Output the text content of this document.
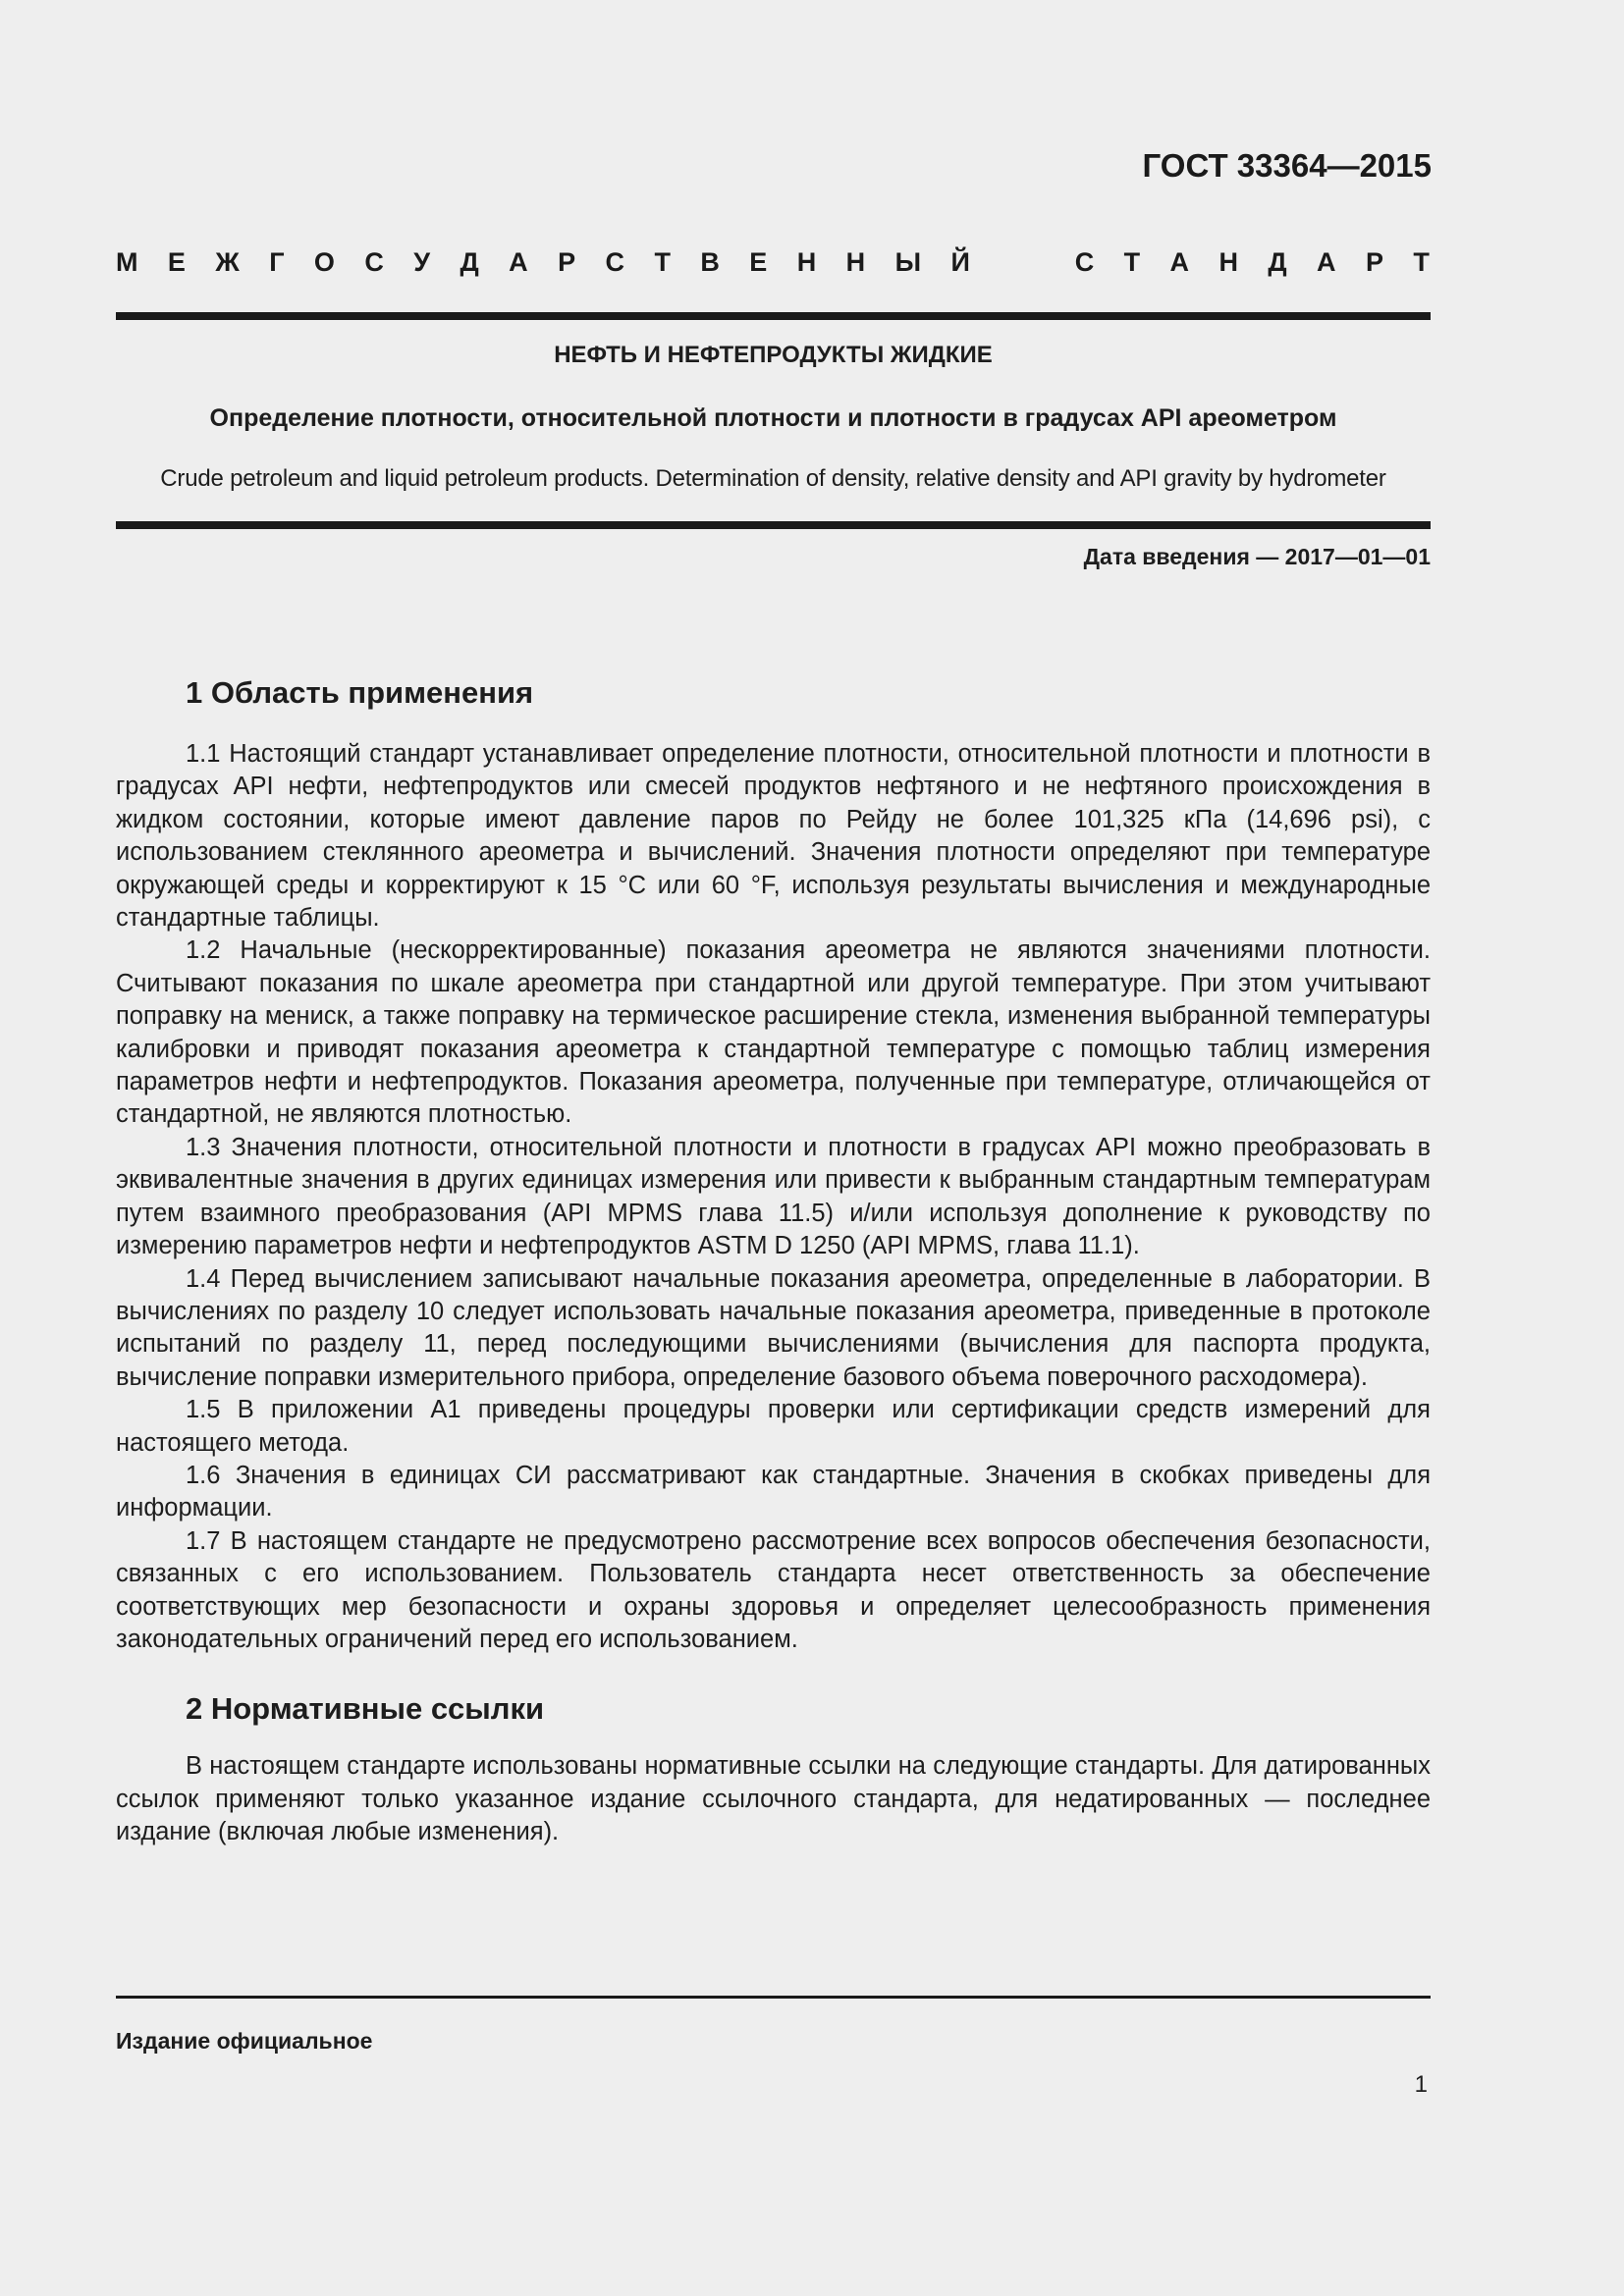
ГОСТ 33364—2015
М Е Ж Г О С У Д А Р С Т В Е Н Н Ы Й	С Т А Н Д А Р Т
НЕФТЬ И НЕФТЕПРОДУКТЫ ЖИДКИЕ
Определение плотности, относительной плотности и плотности в градусах API ареометром
Crude petroleum and liquid petroleum products. Determination of density, relative density and API gravity by hydrometer
Дата введения — 2017—01—01
1 Область применения

1.1 Настоящий стандарт устанавливает определение плотности, относительной плотности и плотности в градусах API нефти, нефтепродуктов или смесей продуктов нефтяного и не нефтяного происхождения в жидком состоянии, которые имеют давление паров по Рейду не более 101,325 кПа (14,696 psi), с использованием стеклянного ареометра и вычислений. Значения плотности определяют при температуре окружающей среды и корректируют к 15 °C или 60 °F, используя результаты вычисления и международные стандартные таблицы.

1.2 Начальные (нескорректированные) показания ареометра не являются значениями плотности. Считывают показания по шкале ареометра при стандартной или другой температуре. При этом учитывают поправку на мениск, а также поправку на термическое расширение стекла, изменения выбранной температуры калибровки и приводят показания ареометра к стандартной температуре с помощью таблиц измерения параметров нефти и нефтепродуктов. Показания ареометра, полученные при температуре, отличающейся от стандартной, не являются плотностью.

1.3 Значения плотности, относительной плотности и плотности в градусах API можно преобразовать в эквивалентные значения в других единицах измерения или привести к выбранным стандартным температурам путем взаимного преобразования (API MPMS глава 11.5) и/или используя дополнение к руководству по измерению параметров нефти и нефтепродуктов ASTM D 1250 (API MPMS, глава 11.1).

1.4 Перед вычислением записывают начальные показания ареометра, определенные в лаборатории. В вычислениях по разделу 10 следует использовать начальные показания ареометра, приведенные в протоколе испытаний по разделу 11, перед последующими вычислениями (вычисления для паспорта продукта, вычисление поправки измерительного прибора, определение базового объема поверочного расходомера).

1.5 В приложении А1 приведены процедуры проверки или сертификации средств измерений для настоящего метода.

1.6 Значения в единицах СИ рассматривают как стандартные. Значения в скобках приведены для информации.

1.7 В настоящем стандарте не предусмотрено рассмотрение всех вопросов обеспечения безопасности, связанных с его использованием. Пользователь стандарта несет ответственность за обеспечение соответствующих мер безопасности и охраны здоровья и определяет целесообразность применения законодательных ограничений перед его использованием.

2 Нормативные ссылки

В настоящем стандарте использованы нормативные ссылки на следующие стандарты. Для датированных ссылок применяют только указанное издание ссылочного стандарта, для недатированных — последнее издание (включая любые изменения).

Издание официальное
1
